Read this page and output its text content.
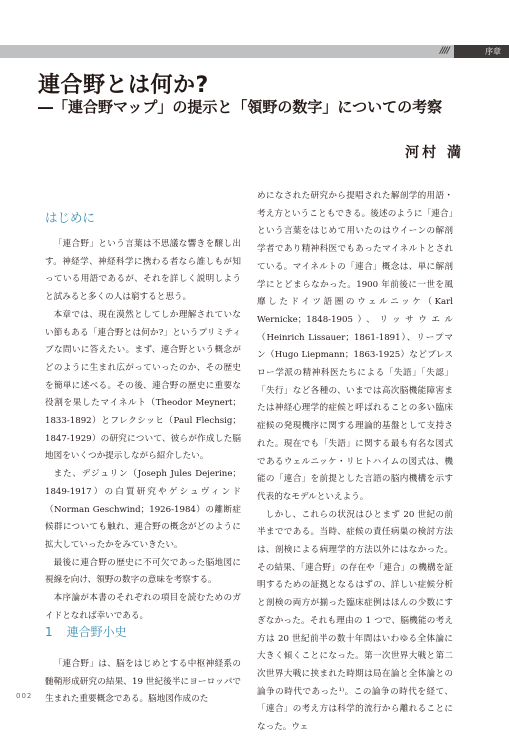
////	序章
連合野とは何か?
―「連合野マップ」の提示と「領野の数字」についての考察
河村 満
はじめに

「連合野」という言葉は不思議な響きを醸し出す。神経学、神経科学に携わる者なら誰しもが知っている用語であるが、それを詳しく説明しようと試みると多くの人は窮すると思う。

本章では、現在漠然としてしか理解されていない節もある「連合野とは何か?」というプリミティブな問いに答えたい。まず、連合野という概念がどのように生まれ広がっていったのか、その歴史を簡単に述べる。その後、連合野の歴史に重要な役割を果したマイネルト（Theodor Meynert；1833-1892）とフレクシッヒ（Paul Flechsig；1847-1929）の研究について、彼らが作成した脳地図をいくつか提示しながら紹介したい。

また、デジュリン（Joseph Jules Dejerine；1849-1917）の白質研究やゲシュヴィンド（Norman Geschwind；1926-1984）の離断症候群についても触れ、連合野の概念がどのように拡大していったかをみていきたい。

最後に連合野の歴史に不可欠であった脳地図に視線を向け、領野の数字の意味を考察する。

本序論が本書のそれぞれの項目を読むためのガイドとなれば幸いである。

1 連合野小史

「連合野」は、脳をはじめとする中枢神経系の髄鞘形成研究の結果、19 世紀後半にヨーロッパで生まれた重要概念である。脳地図作成のた

めになされた研究から提唱された解剖学的用語・考え方ということもできる。後述のように「連合」という言葉をはじめて用いたのはウイーンの解剖学者であり精神科医でもあったマイネルトとされている。マイネルトの「連合」概念は、単に解剖学にとどまらなかった。1900 年前後に一世を風靡したドイツ語圏のウェルニッケ（Karl Wernicke；1848-1905）、リッサウエル（Heinrich Lissauer；1861-1891）、リープマン（Hugo Liepmann；1863-1925）などブレスロー学派の精神科医たちによる「失語」「失認」「失行」など各種の、いまでは高次脳機能障害または神経心理学的症候と呼ばれることの多い臨床症候の発現機序に関する理論的基盤として支持された。現在でも「失語」に関する最も有名な図式であるウェルニッケ・リヒトハイムの図式は、機能の「連合」を前提とした言語の脳内機構を示す代表的なモデルといえよう。

しかし、これらの状況はひとまず 20 世紀の前半までである。当時、症候の責任病巣の検討方法は、剖検による病理学的方法以外にはなかった。その結果、「連合野」の存在や「連合」の機構を証明するための証拠となるはずの、詳しい症候分析と剖検の両方が揃った臨床症例はほんの少数にすぎなかった。それも理由の 1 つで、脳機能の考え方は 20 世紀前半の数十年間はいわゆる全体論に大きく傾くことになった。第一次世界大戦と第二次世界大戦に挟まれた時期は局在論と全体論との論争の時代であった¹⁾。この論争の時代を経て、「連合」の考え方は科学的流行から離れることになった。ウェ

002
